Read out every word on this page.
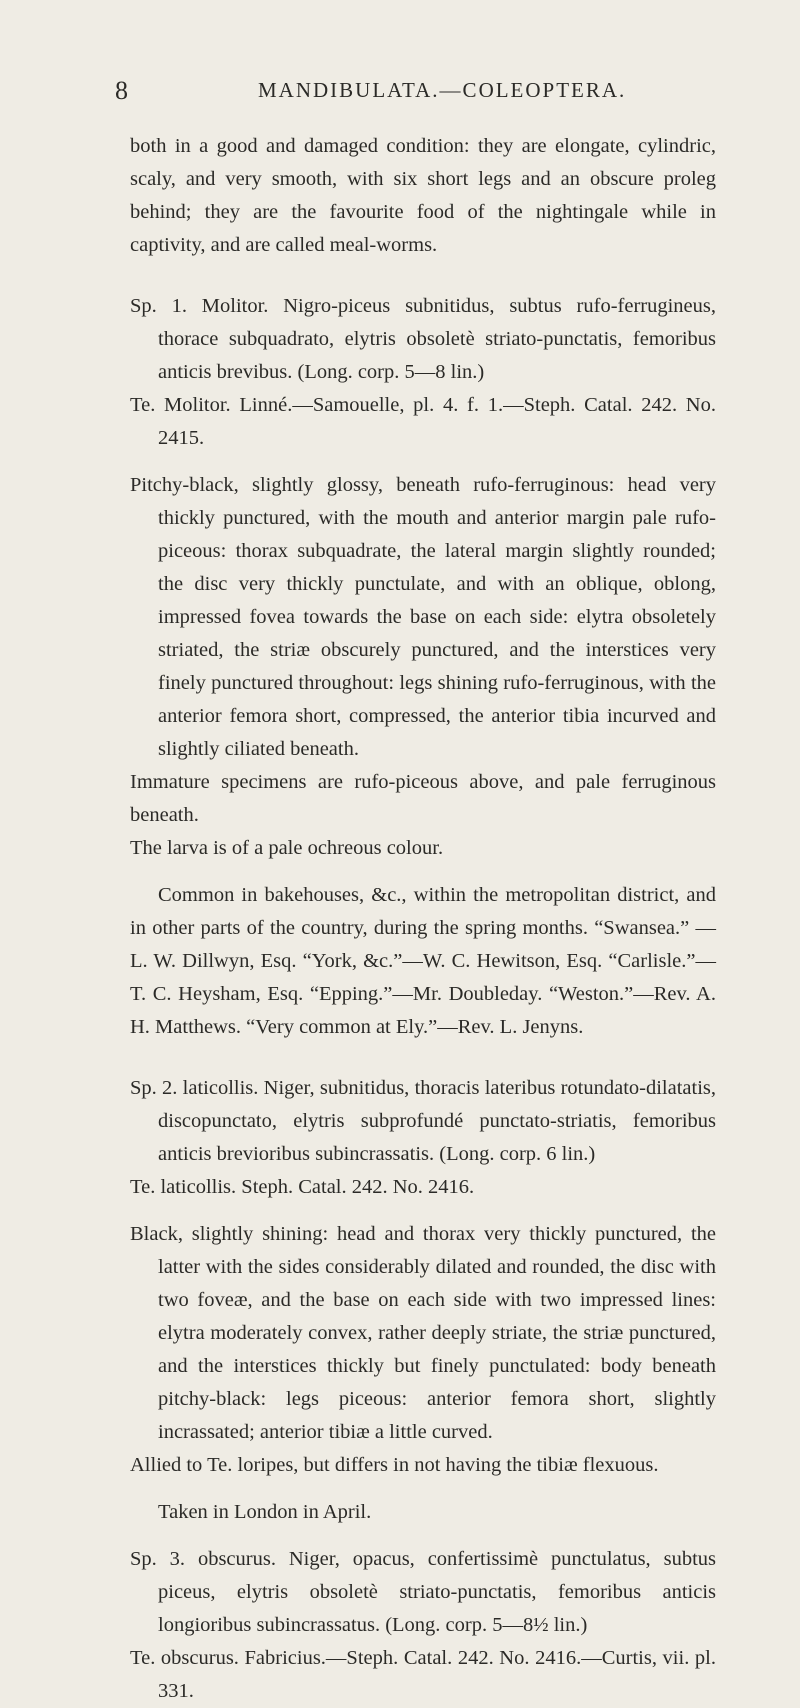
8	MANDIBULATA.—COLEOPTERA.

both in a good and damaged condition: they are elongate, cylindric, scaly, and very smooth, with six short legs and an obscure proleg behind; they are the favourite food of the nightingale while in captivity, and are called meal-worms.

Sp. 1. Molitor. Nigro-piceus subnitidus, subtus rufo-ferrugineus, thorace subquadrato, elytris obsoletè striato-punctatis, femoribus anticis brevibus. (Long. corp. 5—8 lin.)

Te. Molitor. Linné.—Samouelle, pl. 4. f. 1.—Steph. Catal. 242. No. 2415.

Pitchy-black, slightly glossy, beneath rufo-ferruginous: head very thickly punctured, with the mouth and anterior margin pale rufo-piceous: thorax subquadrate, the lateral margin slightly rounded; the disc very thickly punctulate, and with an oblique, oblong, impressed fovea towards the base on each side: elytra obsoletely striated, the striæ obscurely punctured, and the interstices very finely punctured throughout: legs shining rufo-ferruginous, with the anterior femora short, compressed, the anterior tibia incurved and slightly ciliated beneath.

Immature specimens are rufo-piceous above, and pale ferruginous beneath.

The larva is of a pale ochreous colour.

Common in bakehouses, &c., within the metropolitan district, and in other parts of the country, during the spring months. “Swansea.” —L. W. Dillwyn, Esq. “York, &c.”—W. C. Hewitson, Esq. “Carlisle.”—T. C. Heysham, Esq. “Epping.”—Mr. Doubleday. “Weston.”—Rev. A. H. Matthews. “Very common at Ely.”—Rev. L. Jenyns.

Sp. 2. laticollis. Niger, subnitidus, thoracis lateribus rotundato-dilatatis, discopunctato, elytris subprofundé punctato-striatis, femoribus anticis brevioribus subincrassatis. (Long. corp. 6 lin.)

Te. laticollis. Steph. Catal. 242. No. 2416.

Black, slightly shining: head and thorax very thickly punctured, the latter with the sides considerably dilated and rounded, the disc with two foveæ, and the base on each side with two impressed lines: elytra moderately convex, rather deeply striate, the striæ punctured, and the interstices thickly but finely punctulated: body beneath pitchy-black: legs piceous: anterior femora short, slightly incrassated; anterior tibiæ a little curved.

Allied to Te. loripes, but differs in not having the tibiæ flexuous.

Taken in London in April.

Sp. 3. obscurus. Niger, opacus, confertissimè punctulatus, subtus piceus, elytris obsoletè striato-punctatis, femoribus anticis longioribus subincrassatus. (Long. corp. 5—8½ lin.)

Te. obscurus. Fabricius.—Steph. Catal. 242. No. 2416.—Curtis, vii. pl. 331.
